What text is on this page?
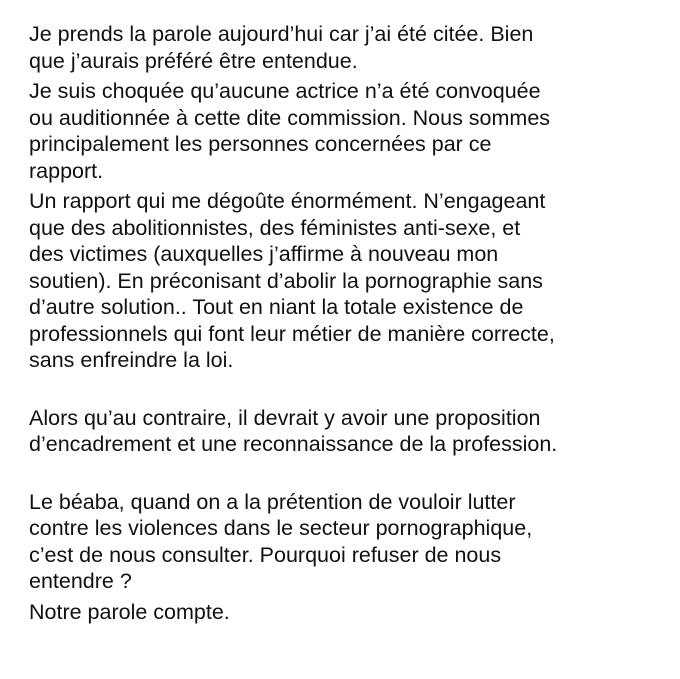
Je prends la parole aujourd’hui car j’ai été citée. Bien
que j’aurais préféré être entendue.
Je suis choquée qu’aucune actrice n’a été convoquée
ou auditionnée à cette dite commission. Nous sommes
principalement les personnes concernées par ce
rapport.
Un rapport qui me dégoûte énormément. N’engageant
que des abolitionnistes, des féministes anti-sexe, et
des victimes (auxquelles j’affirme à nouveau mon
soutien). En préconisant d’abolir la pornographie sans
d’autre solution.. Tout en niant la totale existence de
professionnels qui font leur métier de manière correcte,
sans enfreindre la loi.
Alors qu’au contraire, il devrait y avoir une proposition
d’encadrement et une reconnaissance de la profession.
Le béaba, quand on a la prétention de vouloir lutter
contre les violences dans le secteur pornographique,
c’est de nous consulter. Pourquoi refuser de nous
entendre ?
Notre parole compte.
